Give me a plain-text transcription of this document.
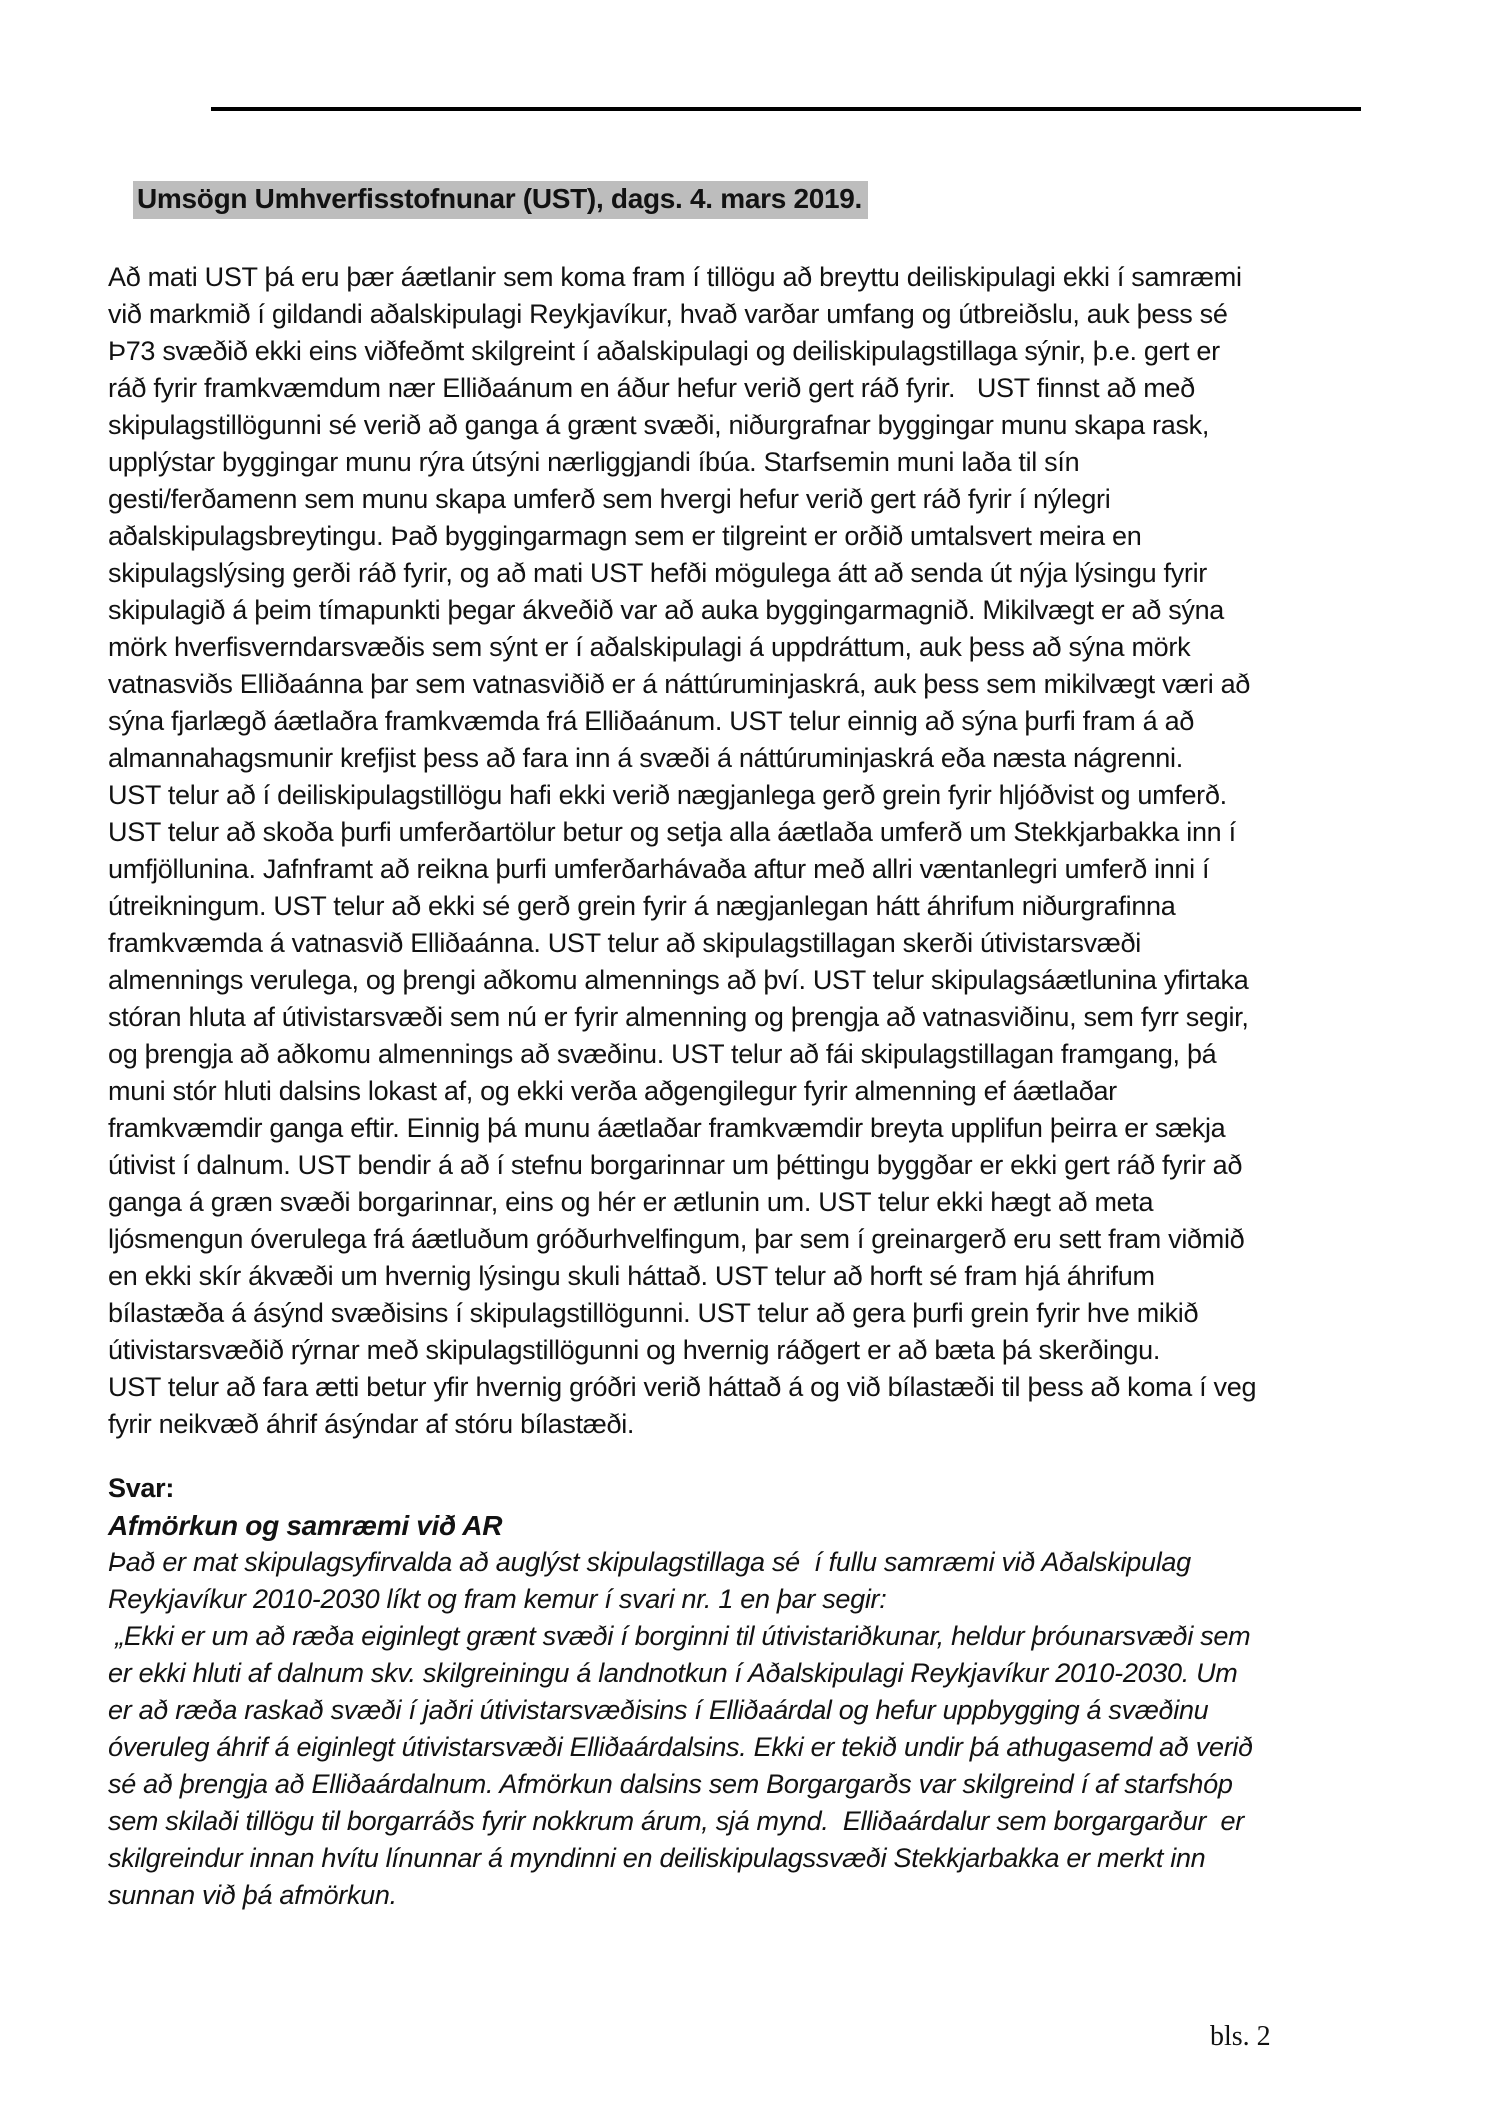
Umsögn Umhverfisstofnunar (UST), dags. 4. mars 2019.
Að mati UST þá eru þær áætlanir sem koma fram í tillögu að breyttu deiliskipulagi ekki í samræmi
við markmið í gildandi aðalskipulagi Reykjavíkur, hvað varðar umfang og útbreiðslu, auk þess sé
Þ73 svæðið ekki eins viðfeðmt skilgreint í aðalskipulagi og deiliskipulagstillaga sýnir, þ.e. gert er
ráð fyrir framkvæmdum nær Elliðaánum en áður hefur verið gert ráð fyrir.   UST finnst að með
skipulagstillögunni sé verið að ganga á grænt svæði, niðurgrafnar byggingar munu skapa rask,
upplýstar byggingar munu rýra útsýni nærliggjandi íbúa. Starfsemin muni laða til sín
gesti/ferðamenn sem munu skapa umferð sem hvergi hefur verið gert ráð fyrir í nýlegri
aðalskipulagsbreytingu. Það byggingarmagn sem er tilgreint er orðið umtalsvert meira en
skipulagslýsing gerði ráð fyrir, og að mati UST hefði mögulega átt að senda út nýja lýsingu fyrir
skipulagið á þeim tímapunkti þegar ákveðið var að auka byggingarmagnið. Mikilvægt er að sýna
mörk hverfisverndarsvæðis sem sýnt er í aðalskipulagi á uppdráttum, auk þess að sýna mörk
vatnasviðs Elliðaánna þar sem vatnasviðið er á náttúruminjaskrá, auk þess sem mikilvægt væri að
sýna fjarlægð áætlaðra framkvæmda frá Elliðaánum. UST telur einnig að sýna þurfi fram á að
almannahagsmunir krefjist þess að fara inn á svæði á náttúruminjaskrá eða næsta nágrenni.
UST telur að í deiliskipulagstillögu hafi ekki verið nægjanlega gerð grein fyrir hljóðvist og umferð.
UST telur að skoða þurfi umferðartölur betur og setja alla áætlaða umferð um Stekkjarbakka inn í
umfjöllunina. Jafnframt að reikna þurfi umferðarhávaða aftur með allri væntanlegri umferð inni í
útreikningum. UST telur að ekki sé gerð grein fyrir á nægjanlegan hátt áhrifum niðurgrafinna
framkvæmda á vatnasvið Elliðaánna. UST telur að skipulagstillagan skerði útivistarsvæði
almennings verulega, og þrengi aðkomu almennings að því. UST telur skipulagsáætlunina yfirtaka
stóran hluta af útivistarsvæði sem nú er fyrir almenning og þrengja að vatnasviðinu, sem fyrr segir,
og þrengja að aðkomu almennings að svæðinu. UST telur að fái skipulagstillagan framgang, þá
muni stór hluti dalsins lokast af, og ekki verða aðgengilegur fyrir almenning ef áætlaðar
framkvæmdir ganga eftir. Einnig þá munu áætlaðar framkvæmdir breyta upplifun þeirra er sækja
útivist í dalnum. UST bendir á að í stefnu borgarinnar um þéttingu byggðar er ekki gert ráð fyrir að
ganga á græn svæði borgarinnar, eins og hér er ætlunin um. UST telur ekki hægt að meta
ljósmengun óverulega frá áætluðum gróðurhvelfingum, þar sem í greinargerð eru sett fram viðmið
en ekki skír ákvæði um hvernig lýsingu skuli háttað. UST telur að horft sé fram hjá áhrifum
bílastæða á ásýnd svæðisins í skipulagstillögunni. UST telur að gera þurfi grein fyrir hve mikið
útivistarsvæðið rýrnar með skipulagstillögunni og hvernig ráðgert er að bæta þá skerðingu.
UST telur að fara ætti betur yfir hvernig gróðri verið háttað á og við bílastæði til þess að koma í veg
fyrir neikvæð áhrif ásýndar af stóru bílastæði.
Svar:
Afmörkun og samræmi við AR
Það er mat skipulagsyfirvalda að auglýst skipulagstillaga sé  í fullu samræmi við Aðalskipulag
Reykjavíkur 2010-2030 líkt og fram kemur í svari nr. 1 en þar segir:
„Ekki er um að ræða eiginlegt grænt svæði í borginni til útivistariðkunar, heldur þróunarsvæði sem
er ekki hluti af dalnum skv. skilgreiningu á landnotkun í Aðalskipulagi Reykjavíkur 2010-2030. Um
er að ræða raskað svæði í jaðri útivistarsvæðisins í Elliðaárdal og hefur uppbygging á svæðinu
óveruleg áhrif á eiginlegt útivistarsvæði Elliðaárdalsins. Ekki er tekið undir þá athugasemd að verið
sé að þrengja að Elliðaárdalnum. Afmörkun dalsins sem Borgargarðs var skilgreind í af starfshóp
sem skilaði tillögu til borgarráðs fyrir nokkrum árum, sjá mynd.  Elliðaárdalur sem borgargarður  er
skilgreindur innan hvítu línunnar á myndinni en deiliskipulagssvæði Stekkjarbakka er merkt inn
sunnan við þá afmörkun.
bls. 2
